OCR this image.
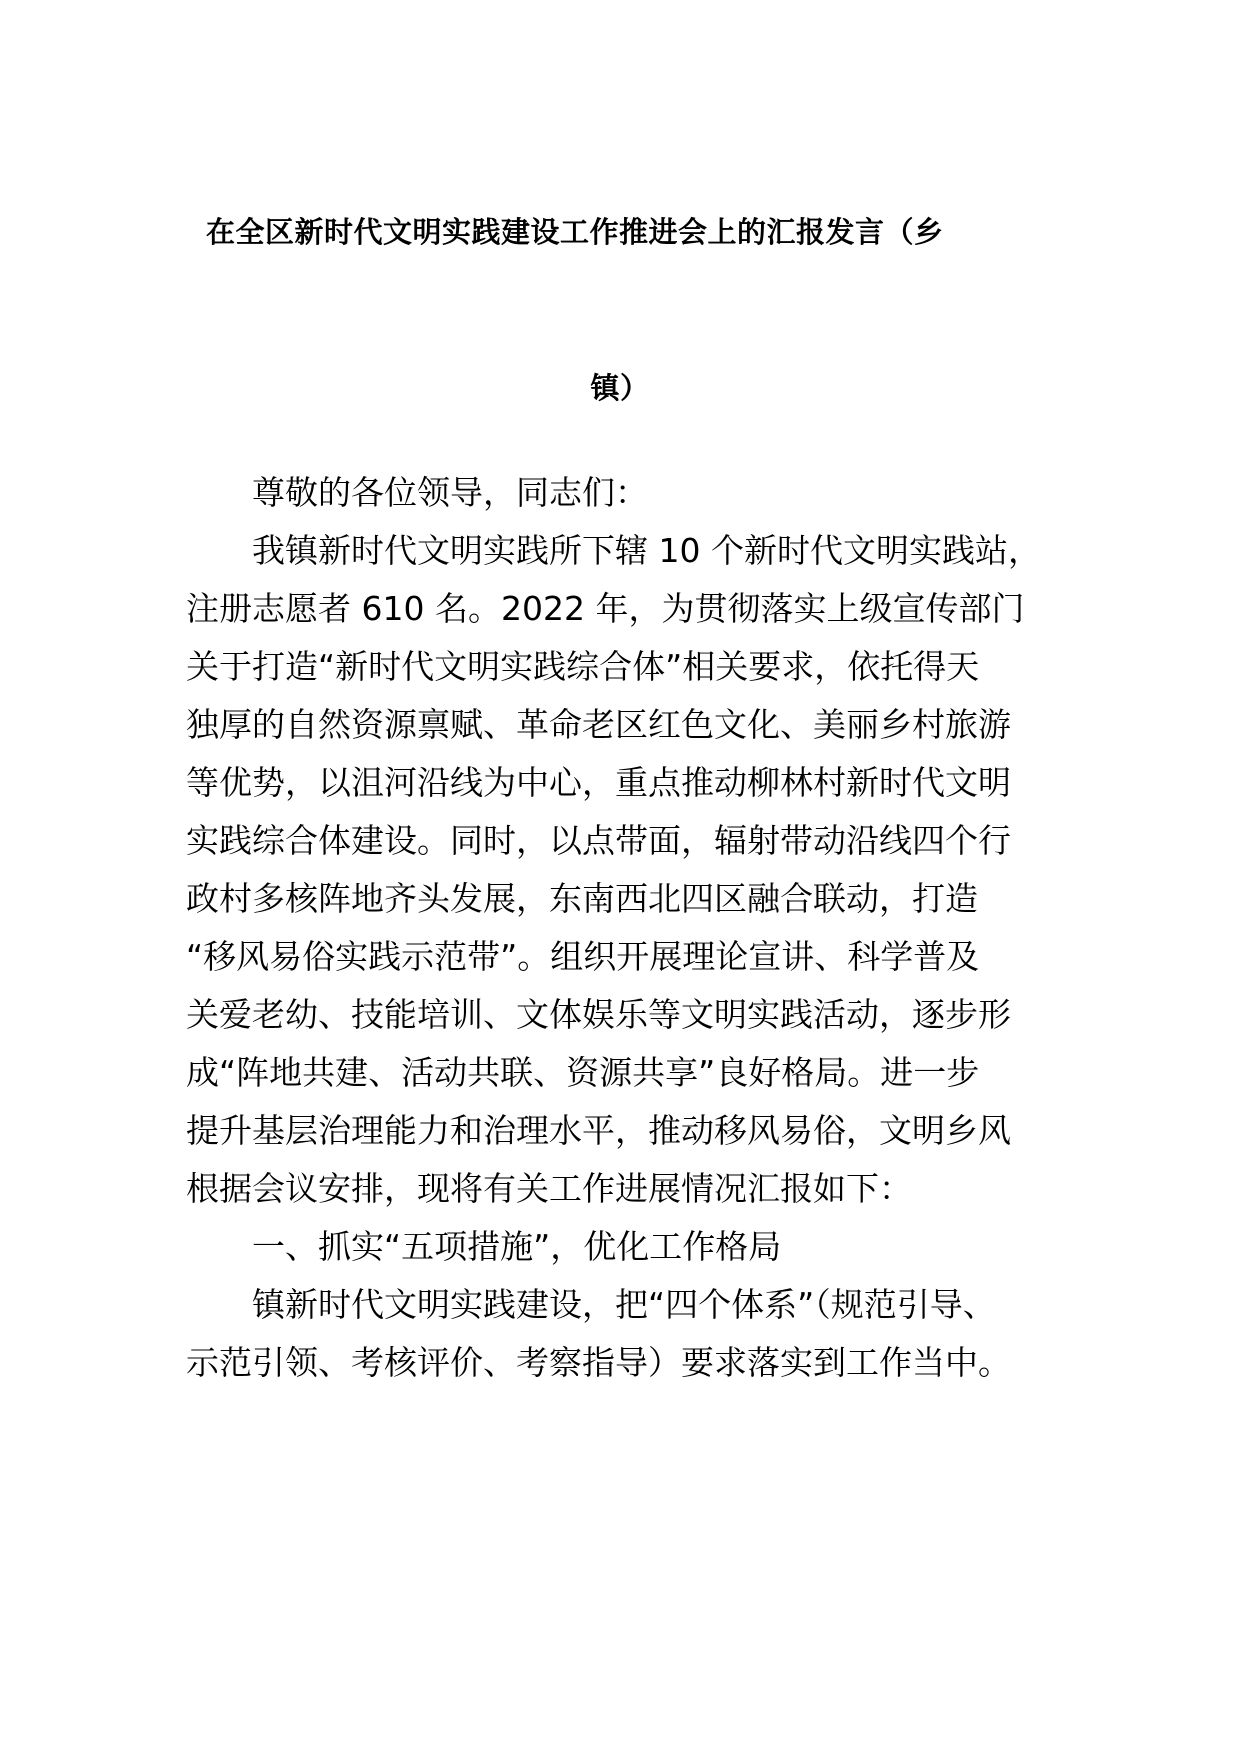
在全区新时代文明实践建设工作推进会上的汇报发言（乡
镇）
尊敬的各位领导，同志们：
我镇新时代文明实践所下辖 10 个新时代文明实践站，
注册志愿者 610 名。2022 年，为贯彻落实上级宣传部门
关于打造“新时代文明实践综合体”相关要求，依托得天
独厚的自然资源禀赋、革命老区红色文化、美丽乡村旅游
等优势，以沮河沿线为中心，重点推动柳林村新时代文明
实践综合体建设。同时，以点带面，辐射带动沿线四个行
政村多核阵地齐头发展，东南西北四区融合联动，打造
“移风易俗实践示范带”。组织开展理论宣讲、科学普及
关爱老幼、技能培训、文体娱乐等文明实践活动，逐步形
成“阵地共建、活动共联、资源共享”良好格局。进一步
提升基层治理能力和治理水平，推动移风易俗，文明乡风
根据会议安排，现将有关工作进展情况汇报如下：
一、抓实“五项措施”，优化工作格局
镇新时代文明实践建设，把“四个体系”（规范引导、
示范引领、考核评价、考察指导）要求落实到工作当中。
